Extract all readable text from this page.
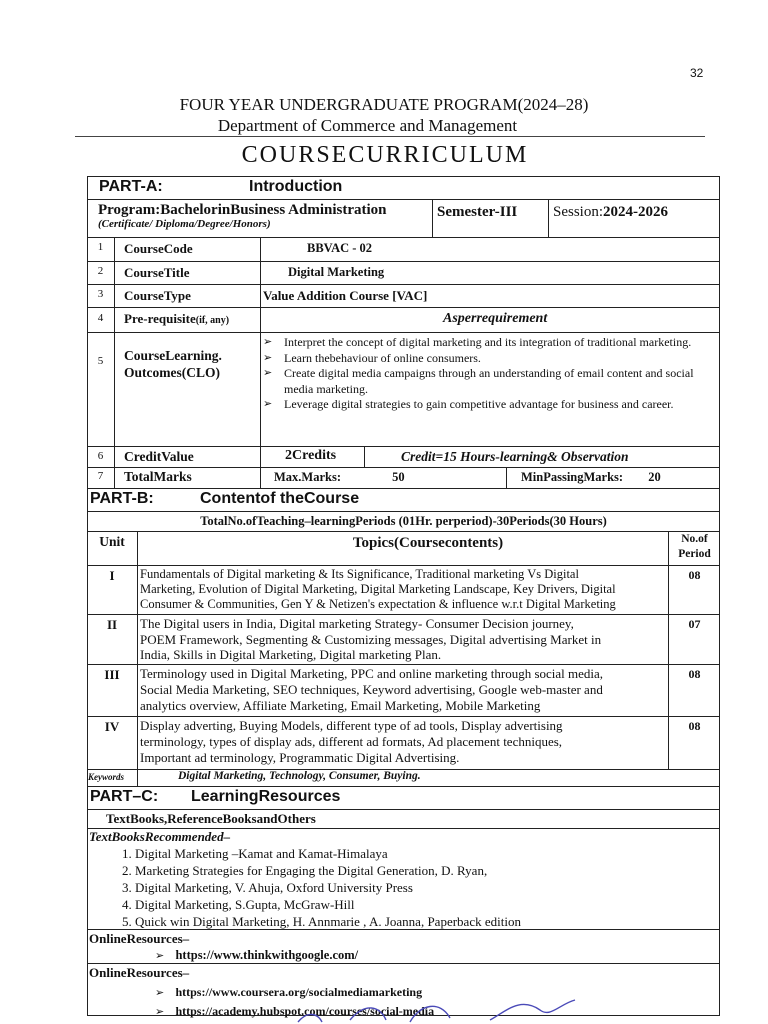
32
FOUR YEAR UNDERGRADUATE PROGRAM(2024–28)
Department of Commerce and Management
COURSECURRICULUM
PART-A:	Introduction
Program:BachelorinBusiness Administration
(Certificate/ Diploma/Degree/Honors)
Semester-III	Session:2024-2026
1	CourseCode	BBVAC - 02
2	CourseTitle	Digital Marketing
3	CourseType	Value Addition Course [VAC]
4	Pre-requisite(if, any)	Asperrequirement
5	CourseLearning.
Outcomes(CLO)
➢ Interpret the concept of digital marketing and its integration of traditional marketing.
➢ Learn thebehaviour of online consumers.
➢ Create digital media campaigns through an understanding of email content and social media marketing.
➢ Leverage digital strategies to gain competitive advantage for business and career.
6	CreditValue	2Credits	Credit=15 Hours-learning& Observation
7	TotalMarks	Max.Marks:	50	MinPassingMarks: 20
PART-B:	Contentof theCourse
TotalNo.ofTeaching–learningPeriods (01Hr. perperiod)-30Periods(30 Hours)
Unit	Topics(Coursecontents)	No.of
Period
I	Fundamentals of Digital marketing & Its Significance, Traditional marketing Vs Digital
Marketing, Evolution of Digital Marketing, Digital Marketing Landscape, Key Drivers, Digital
Consumer & Communities, Gen Y & Netizen's expectation & influence w.r.t Digital Marketing
08
II	The Digital users in India, Digital marketing Strategy- Consumer Decision journey,
POEM Framework, Segmenting & Customizing messages, Digital advertising Market in
India, Skills in Digital Marketing, Digital marketing Plan.
07
III	Terminology used in Digital Marketing, PPC and online marketing through social media,
Social Media Marketing, SEO techniques, Keyword advertising, Google web-master and
analytics overview, Affiliate Marketing, Email Marketing, Mobile Marketing
08
IV	Display adverting, Buying Models, different type of ad tools, Display advertising
terminology, types of display ads, different ad formats, Ad placement techniques,
Important ad terminology, Programmatic Digital Advertising.
08
Keywords	Digital Marketing, Technology, Consumer, Buying.
PART–C: LearningResources
TextBooks,ReferenceBooksandOthers
TextBooksRecommended–
1. Digital Marketing –Kamat and Kamat-Himalaya
2. Marketing Strategies for Engaging the Digital Generation, D. Ryan,
3. Digital Marketing, V. Ahuja, Oxford University Press
4. Digital Marketing, S.Gupta, McGraw-Hill
5. Quick win Digital Marketing, H. Annmarie , A. Joanna, Paperback edition
OnlineResources–
➢ https://www.thinkwithgoogle.com/
OnlineResources–
➢ https://www.coursera.org/socialmediamarketing
➢ https://academy.hubspot.com/courses/social-media
